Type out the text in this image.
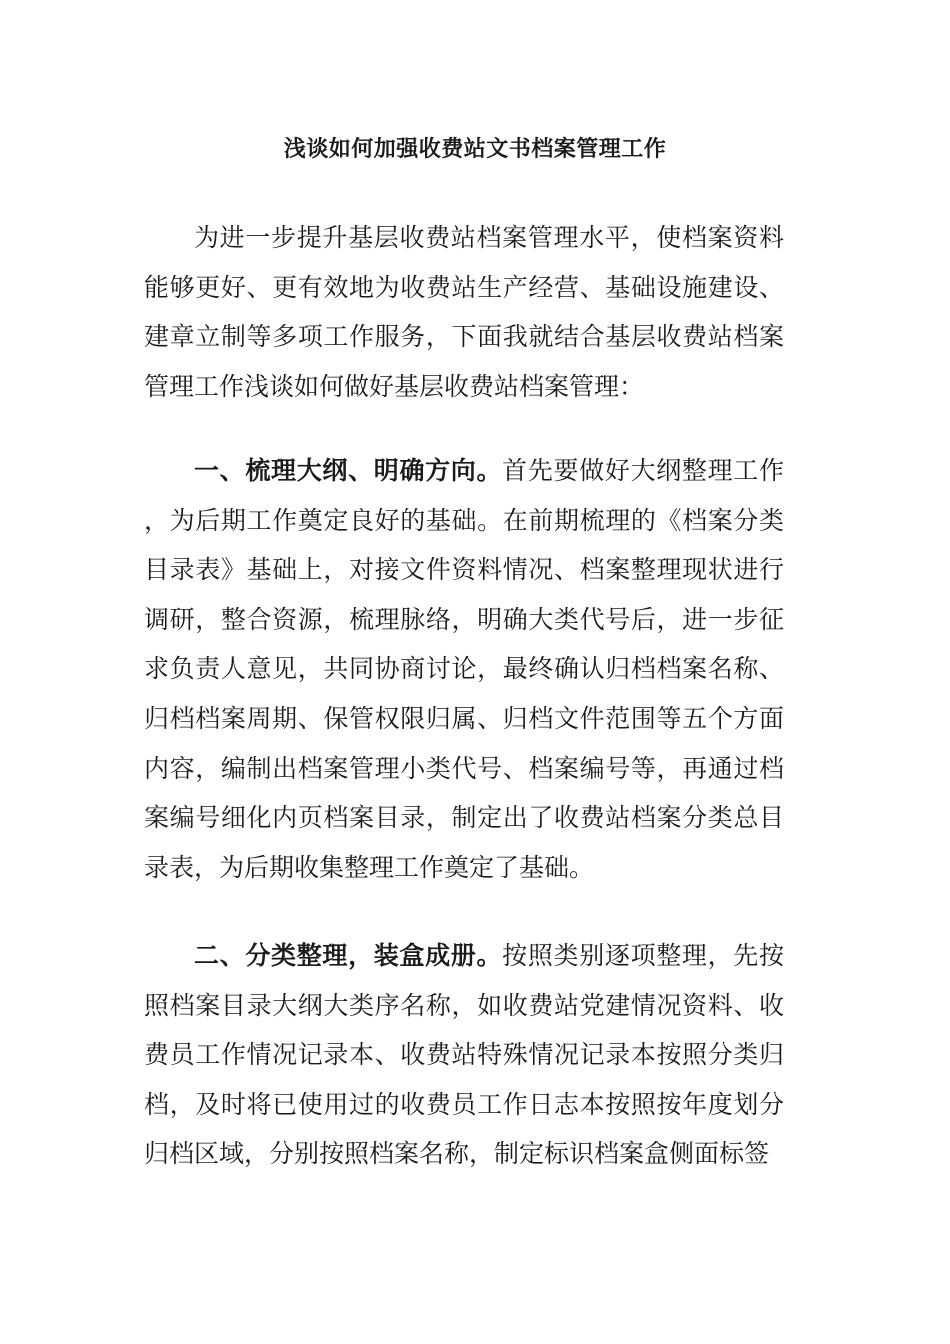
浅谈如何加强收费站文书档案管理工作

为进一步提升基层收费站档案管理水平，使档案资料能够更好、更有效地为收费站生产经营、基础设施建设、建章立制等多项工作服务，下面我就结合基层收费站档案管理工作浅谈如何做好基层收费站档案管理：

一、梳理大纲、明确方向。首先要做好大纲整理工作，为后期工作奠定良好的基础。在前期梳理的《档案分类目录表》基础上，对接文件资料情况、档案整理现状进行调研，整合资源，梳理脉络，明确大类代号后，进一步征求负责人意见，共同协商讨论，最终确认归档档案名称、归档档案周期、保管权限归属、归档文件范围等五个方面内容，编制出档案管理小类代号、档案编号等，再通过档案编号细化内页档案目录，制定出了收费站档案分类总目录表，为后期收集整理工作奠定了基础。

二、分类整理，装盒成册。按照类别逐项整理，先按照档案目录大纲大类序名称，如收费站党建情况资料、收费员工作情况记录本、收费站特殊情况记录本按照分类归档，及时将已使用过的收费员工作日志本按照按年度划分归档区域，分别按照档案名称，制定标识档案盒侧面标签
